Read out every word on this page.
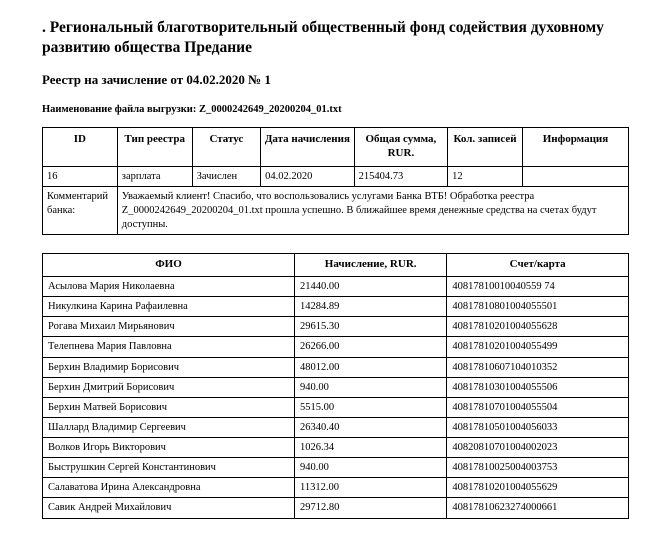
. Региональный благотворительный общественный фонд содействия духовному развитию общества Предание
Реестр на зачисление от 04.02.2020 № 1
Наименование файла выгрузки: Z_0000242649_20200204_01.txt
ID	Тип реестра	Статус	Дата начисления	Общая сумма, RUR.	Кол. записей	Информация
16	зарплата	Зачислен	04.02.2020	215404.73	12	
Комментарий банка:	Уважаемый клиент! Спасибо, что воспользовались услугами Банка ВТБ! Обработка реестра Z_0000242649_20200204_01.txt прошла успешно. В ближайшее время денежные средства на счетах будут доступны.					
ФИО	Начисление, RUR.	Счет/карта
Асылова Мария Николаевна	21440.00	40817810010040559 74
Никулкина Карина Рафаилевна	14284.89	40817810801004055501
Рогава Михаил Мирьянович	29615.30	40817810201004055628
Телепнева Мария Павловна	26266.00	40817810201004055499
Берхин Владимир Борисович	48012.00	40817810607104010352
Берхин Дмитрий Борисович	940.00	40817810301004055506
Берхин Матвей Борисович	5515.00	40817810701004055504
Шаллард Владимир Сергеевич	26340.40	40817810501004056033
Волков Игорь Викторович	1026.34	40820810701004002023
Быструшкин Сергей Константинович	940.00	40817810025004003753
Салаватова Ирина Александровна	11312.00	40817810201004055629
Савик Андрей Михайлович	29712.80	40817810623274000661
